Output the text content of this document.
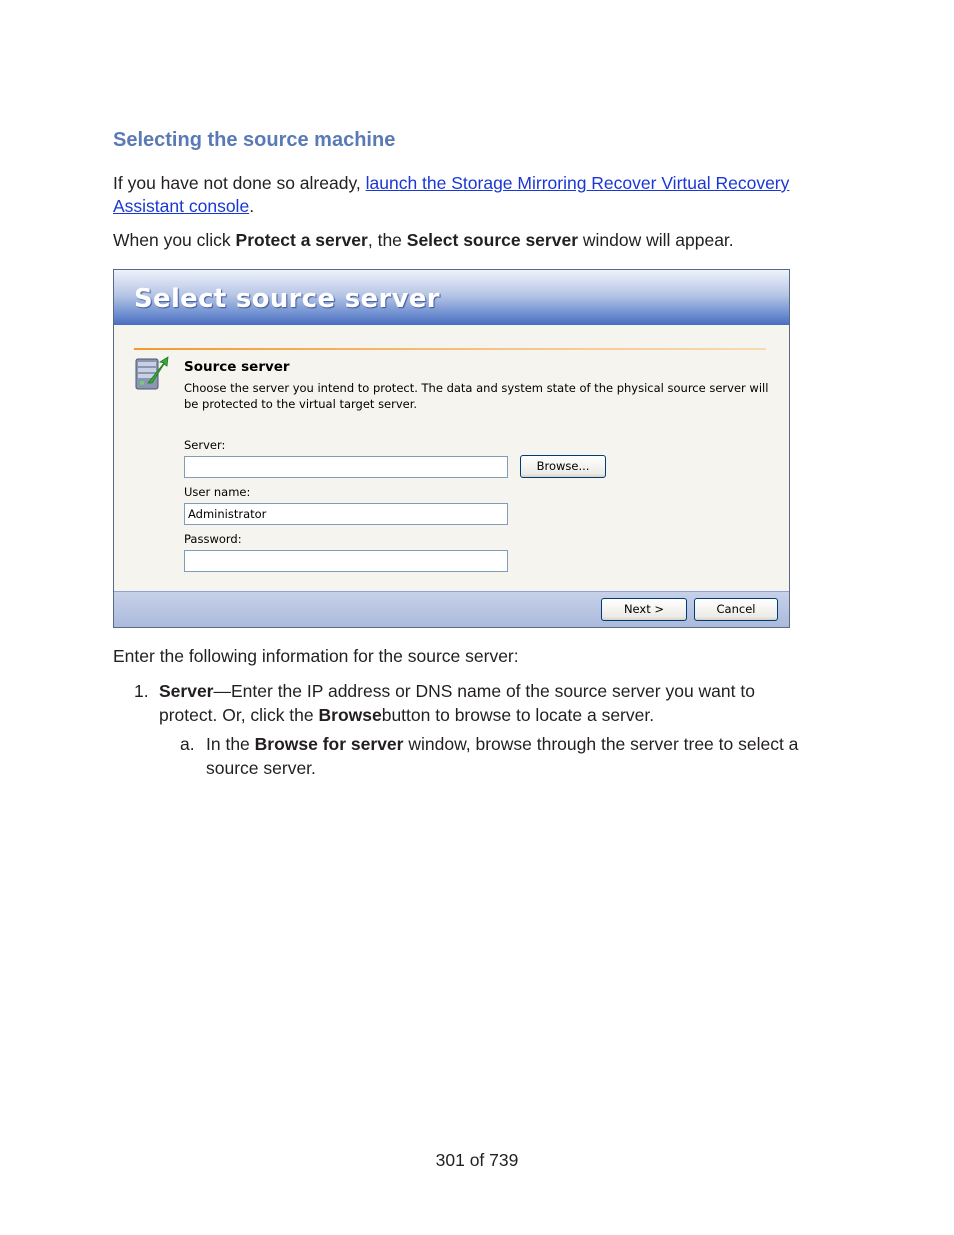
Selecting the source machine
If you have not done so already, launch the Storage Mirroring Recover Virtual Recovery Assistant console.
When you click Protect a server, the Select source server window will appear.
Select source server
Source server
Choose the server you intend to protect. The data and system state of the physical source server will be protected to the virtual target server.
Server:
Browse...
User name:
Administrator
Password:
Next >	Cancel
Enter the following information for the source server:
1. Server—Enter the IP address or DNS name of the source server you want to protect. Or, click the Browsebutton to browse to locate a server.
a. In the Browse for server window, browse through the server tree to select a source server.
301 of 739
